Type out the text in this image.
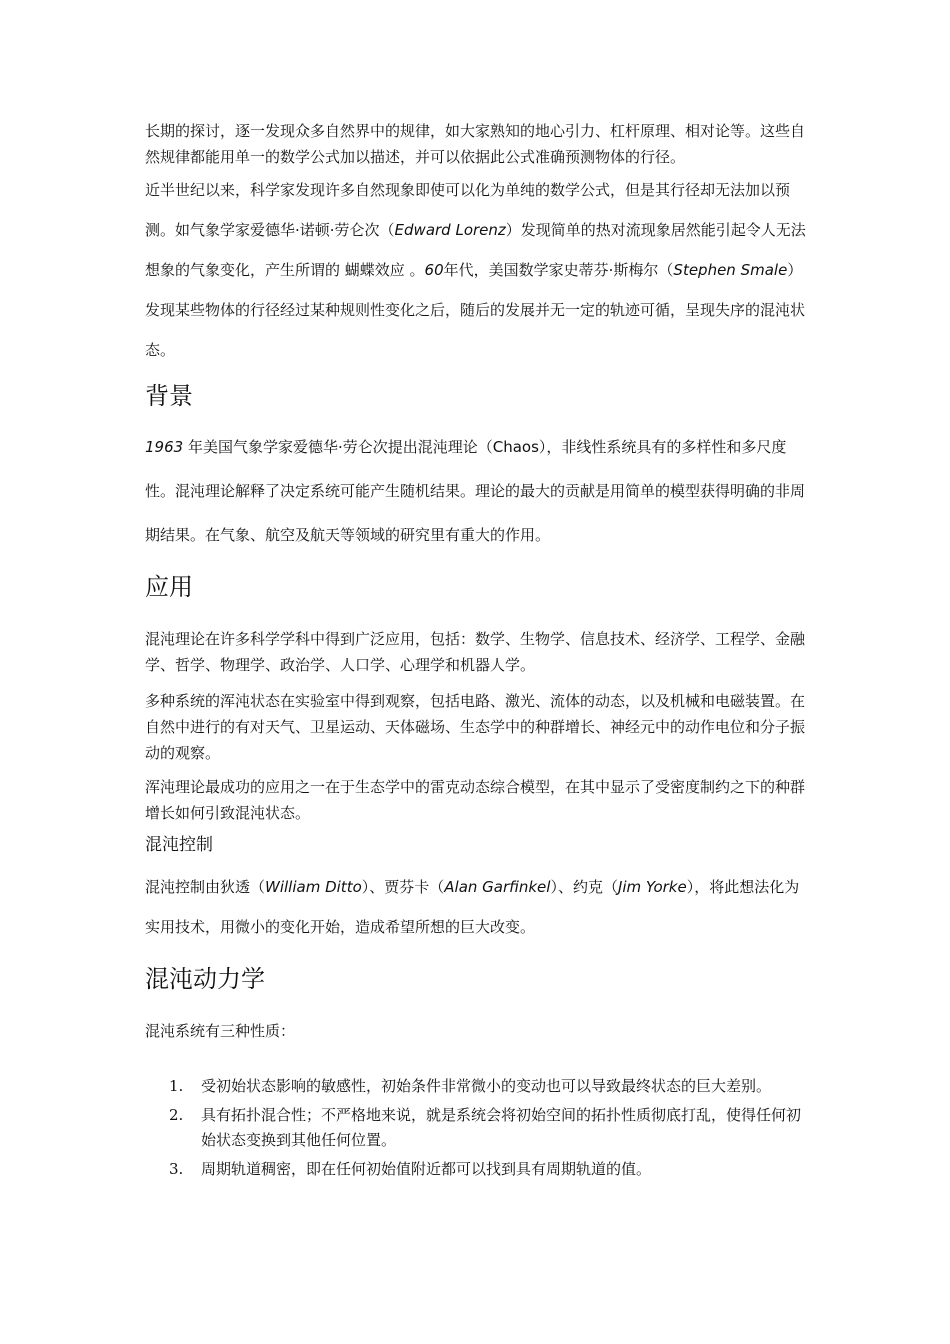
长期的探讨，逐一发现众多自然界中的规律，如大家熟知的地心引力、杠杆原理、相对论等。这些自然规律都能用单一的数学公式加以描述，并可以依据此公式准确预测物体的行径。

近半世纪以来，科学家发现许多自然现象即使可以化为单纯的数学公式，但是其行径却无法加以预测。如气象学家爱德华·诺顿·劳仑次（Edward Lorenz）发现简单的热对流现象居然能引起令人无法想象的气象变化，产生所谓的 蝴蝶效应 。60年代，美国数学家史蒂芬·斯梅尔（Stephen Smale）发现某些物体的行径经过某种规则性变化之后，随后的发展并无一定的轨迹可循，呈现失序的混沌状态。

背景

1963 年美国气象学家爱德华·劳仑次提出混沌理论（Chaos），非线性系统具有的多样性和多尺度性。混沌理论解释了决定系统可能产生随机结果。理论的最大的贡献是用简单的模型获得明确的非周期结果。在气象、航空及航天等领域的研究里有重大的作用。

应用

混沌理论在许多科学学科中得到广泛应用，包括：数学、生物学、信息技术、经济学、工程学、金融学、哲学、物理学、政治学、人口学、心理学和机器人学。

多种系统的浑沌状态在实验室中得到观察，包括电路、激光、流体的动态，以及机械和电磁装置。在自然中进行的有对天气、卫星运动、天体磁场、生态学中的种群增长、神经元中的动作电位和分子振动的观察。

浑沌理论最成功的应用之一在于生态学中的雷克动态综合模型，在其中显示了受密度制约之下的种群增长如何引致混沌状态。

混沌控制

混沌控制由狄透（William Ditto）、贾芬卡（Alan Garfinkel）、约克（Jim Yorke），将此想法化为实用技术，用微小的变化开始，造成希望所想的巨大改变。

混沌动力学

混沌系统有三种性质：

1. 受初始状态影响的敏感性，初始条件非常微小的变动也可以导致最终状态的巨大差别。
2. 具有拓扑混合性；不严格地来说，就是系统会将初始空间的拓扑性质彻底打乱，使得任何初始状态变换到其他任何位置。
3. 周期轨道稠密，即在任何初始值附近都可以找到具有周期轨道的值。
